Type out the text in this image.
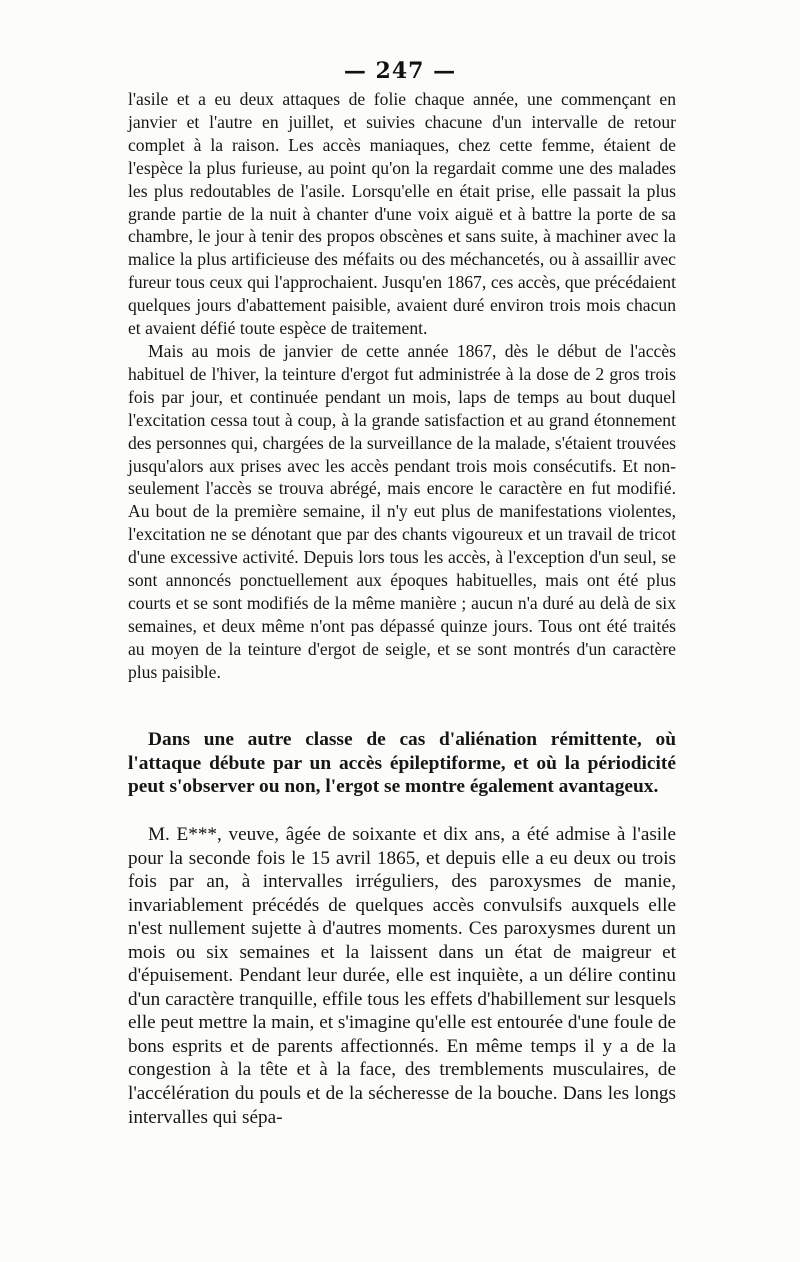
— 247 —

l'asile et a eu deux attaques de folie chaque année, une commençant en janvier et l'autre en juillet, et suivies chacune d'un intervalle de retour complet à la raison. Les accès maniaques, chez cette femme, étaient de l'espèce la plus furieuse, au point qu'on la regardait comme une des malades les plus redoutables de l'asile. Lorsqu'elle en était prise, elle passait la plus grande partie de la nuit à chanter d'une voix aiguë et à battre la porte de sa chambre, le jour à tenir des propos obscènes et sans suite, à machiner avec la malice la plus artificieuse des méfaits ou des méchancetés, ou à assaillir avec fureur tous ceux qui l'approchaient. Jusqu'en 1867, ces accès, que précédaient quelques jours d'abattement paisible, avaient duré environ trois mois chacun et avaient défié toute espèce de traitement.

Mais au mois de janvier de cette année 1867, dès le début de l'accès habituel de l'hiver, la teinture d'ergot fut administrée à la dose de 2 gros trois fois par jour, et continuée pendant un mois, laps de temps au bout duquel l'excitation cessa tout à coup, à la grande satisfaction et au grand étonnement des personnes qui, chargées de la surveillance de la malade, s'étaient trouvées jusqu'alors aux prises avec les accès pendant trois mois consécutifs. Et non-seulement l'accès se trouva abrégé, mais encore le caractère en fut modifié. Au bout de la première semaine, il n'y eut plus de manifestations violentes, l'excitation ne se dénotant que par des chants vigoureux et un travail de tricot d'une excessive activité. Depuis lors tous les accès, à l'exception d'un seul, se sont annoncés ponctuellement aux époques habituelles, mais ont été plus courts et se sont modifiés de la même manière ; aucun n'a duré au delà de six semaines, et deux même n'ont pas dépassé quinze jours. Tous ont été traités au moyen de la teinture d'ergot de seigle, et se sont montrés d'un caractère plus paisible.

Dans une autre classe de cas d'aliénation rémittente, où l'attaque débute par un accès épileptiforme, et où la périodicité peut s'observer ou non, l'ergot se montre également avantageux.

M. E***, veuve, âgée de soixante et dix ans, a été admise à l'asile pour la seconde fois le 15 avril 1865, et depuis elle a eu deux ou trois fois par an, à intervalles irréguliers, des paroxysmes de manie, invariablement précédés de quelques accès convulsifs auxquels elle n'est nullement sujette à d'autres moments. Ces paroxysmes durent un mois ou six semaines et la laissent dans un état de maigreur et d'épuisement. Pendant leur durée, elle est inquiète, a un délire continu d'un caractère tranquille, effile tous les effets d'habillement sur lesquels elle peut mettre la main, et s'imagine qu'elle est entourée d'une foule de bons esprits et de parents affectionnés. En même temps il y a de la congestion à la tête et à la face, des tremblements musculaires, de l'accélération du pouls et de la sécheresse de la bouche. Dans les longs intervalles qui sépa-
